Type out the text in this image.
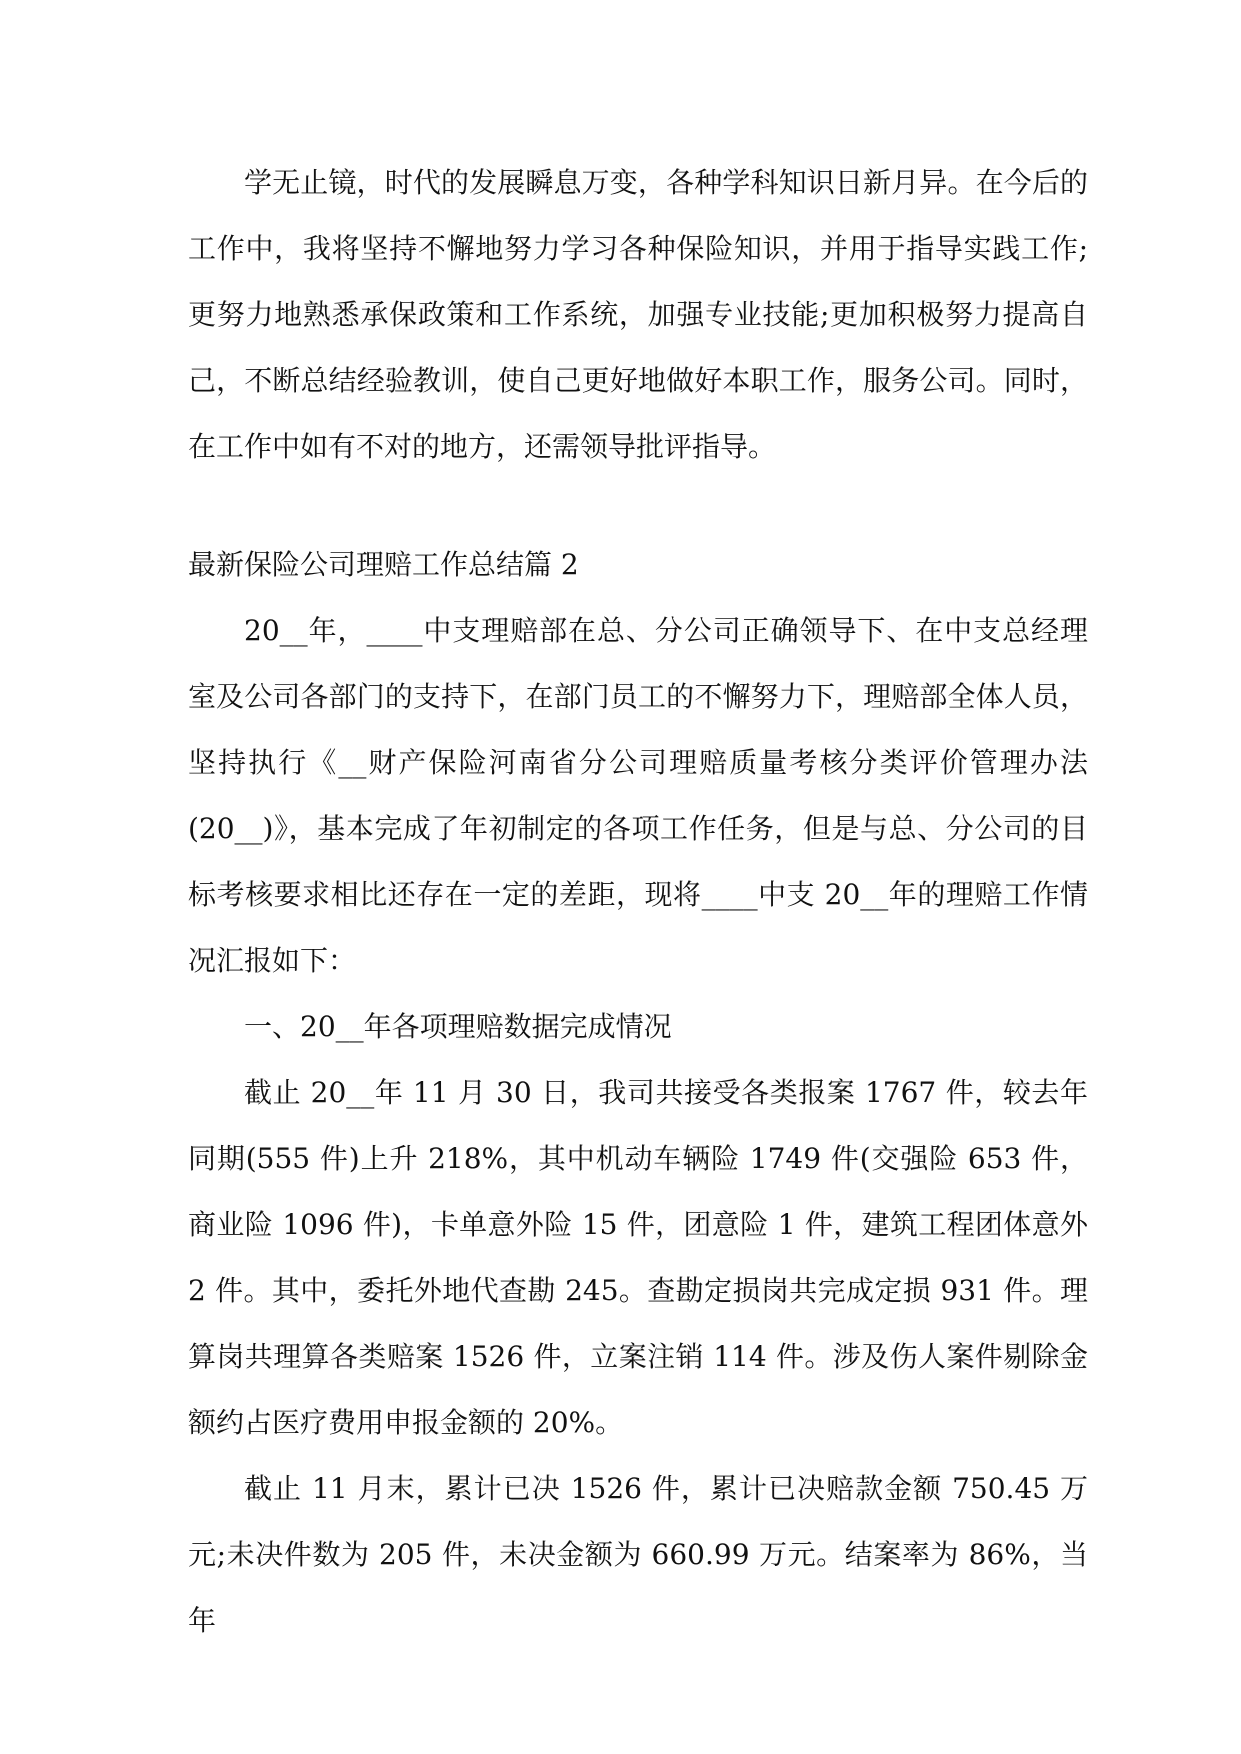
学无止镜，时代的发展瞬息万变，各种学科知识日新月异。在今后的工作中，我将坚持不懈地努力学习各种保险知识，并用于指导实践工作;更努力地熟悉承保政策和工作系统，加强专业技能;更加积极努力提高自己，不断总结经验教训，使自己更好地做好本职工作，服务公司。同时，在工作中如有不对的地方，还需领导批评指导。

最新保险公司理赔工作总结篇 2

20__年，____中支理赔部在总、分公司正确领导下、在中支总经理室及公司各部门的支持下，在部门员工的不懈努力下，理赔部全体人员，坚持执行《__财产保险河南省分公司理赔质量考核分类评价管理办法(20__)》，基本完成了年初制定的各项工作任务，但是与总、分公司的目标考核要求相比还存在一定的差距，现将____中支 20__年的理赔工作情况汇报如下：

一、20__年各项理赔数据完成情况

截止 20__年 11 月 30 日，我司共接受各类报案 1767 件，较去年同期(555 件)上升 218%，其中机动车辆险 1749 件(交强险 653 件，商业险 1096 件)，卡单意外险 15 件，团意险 1 件，建筑工程团体意外 2 件。其中，委托外地代查勘 245。查勘定损岗共完成定损 931 件。理算岗共理算各类赔案 1526 件，立案注销 114 件。涉及伤人案件剔除金额约占医疗费用申报金额的 20%。

截止 11 月末，累计已决 1526 件，累计已决赔款金额 750.45 万元;未决件数为 205 件，未决金额为 660.99 万元。结案率为 86%，当年
